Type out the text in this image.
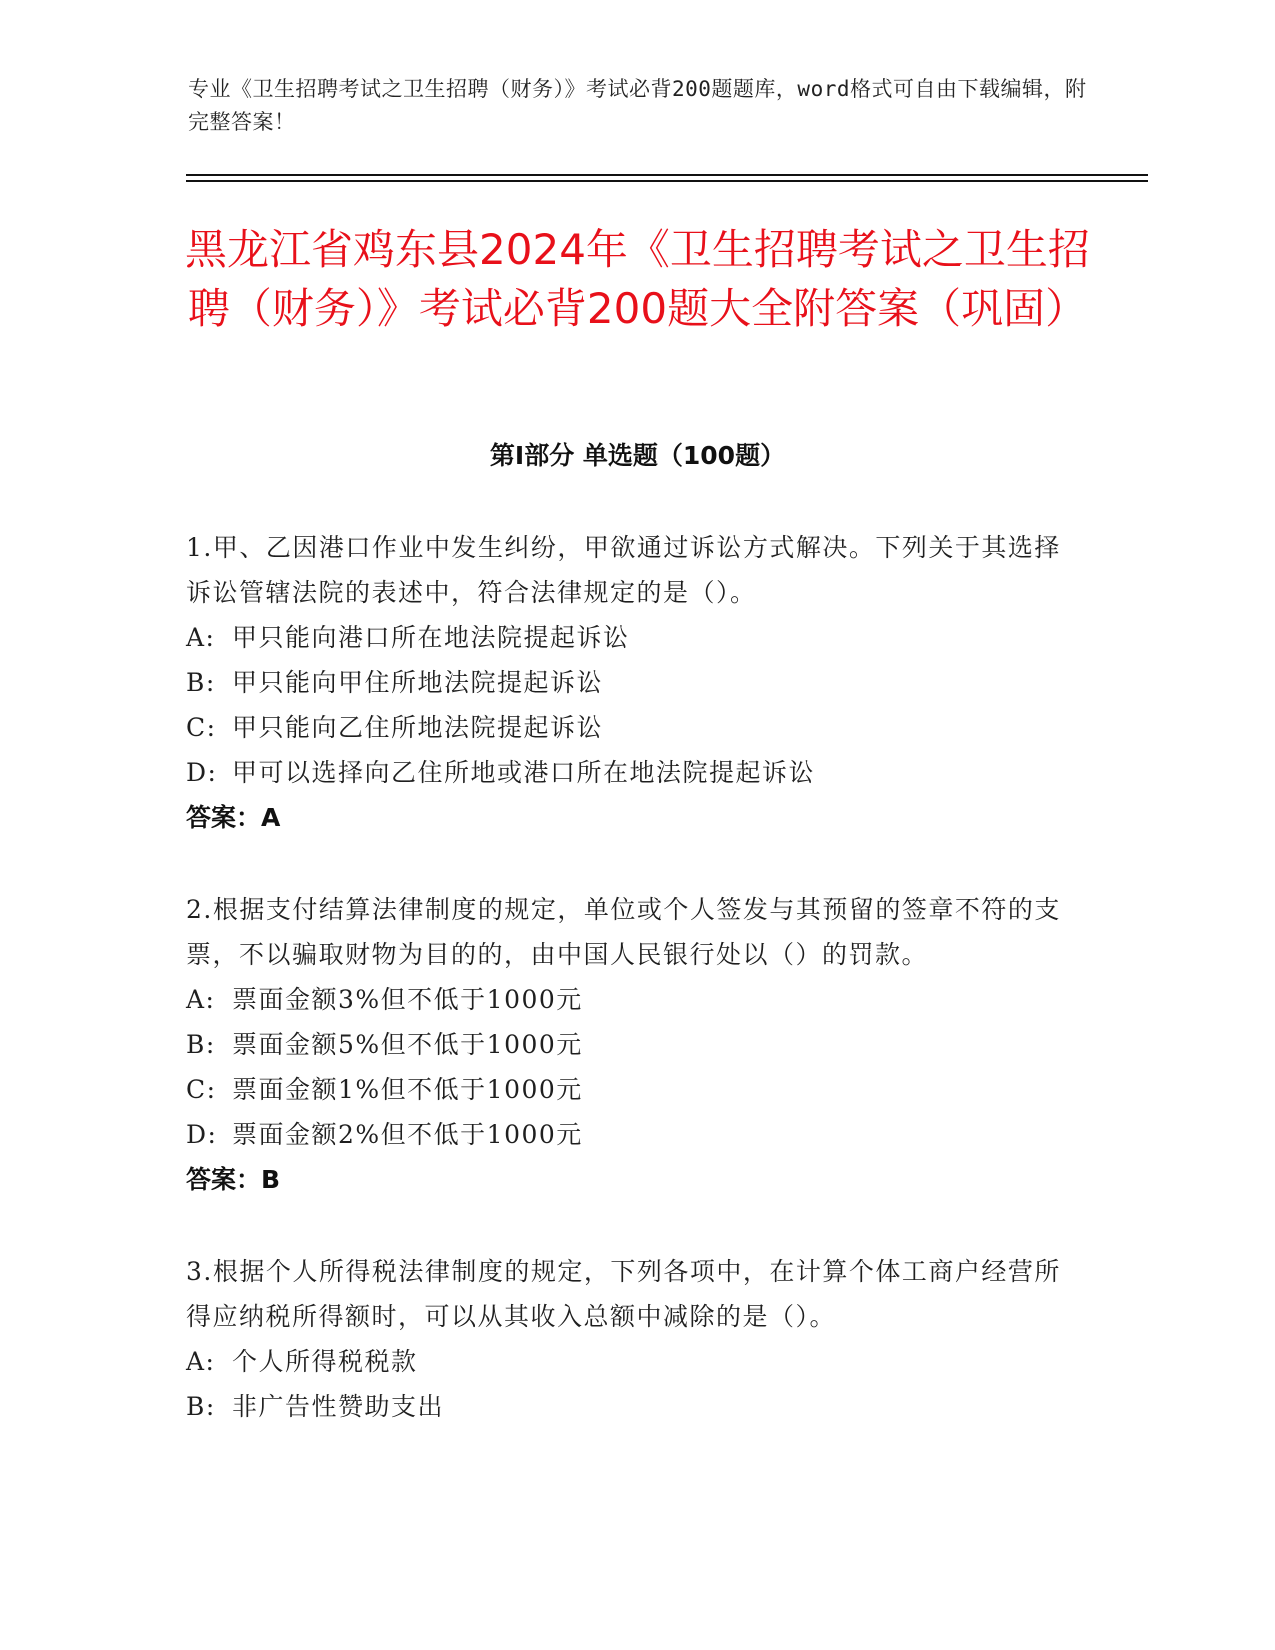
专业《卫生招聘考试之卫生招聘（财务）》考试必背200题题库，word格式可自由下载编辑，附完整答案！
黑龙江省鸡东县2024年《卫生招聘考试之卫生招聘（财务）》考试必背200题大全附答案（巩固）
第Ⅰ部分 单选题（100题）
1.甲、乙因港口作业中发生纠纷，甲欲通过诉讼方式解决。下列关于其选择诉讼管辖法院的表述中，符合法律规定的是（）。
A: 甲只能向港口所在地法院提起诉讼
B: 甲只能向甲住所地法院提起诉讼
C: 甲只能向乙住所地法院提起诉讼
D: 甲可以选择向乙住所地或港口所在地法院提起诉讼
答案：A
2.根据支付结算法律制度的规定，单位或个人签发与其预留的签章不符的支票，不以骗取财物为目的的，由中国人民银行处以（）的罚款。
A: 票面金额3%但不低于1000元
B: 票面金额5%但不低于1000元
C: 票面金额1%但不低于1000元
D: 票面金额2%但不低于1000元
答案：B
3.根据个人所得税法律制度的规定，下列各项中，在计算个体工商户经营所得应纳税所得额时，可以从其收入总额中减除的是（）。
A: 个人所得税税款
B: 非广告性赞助支出
